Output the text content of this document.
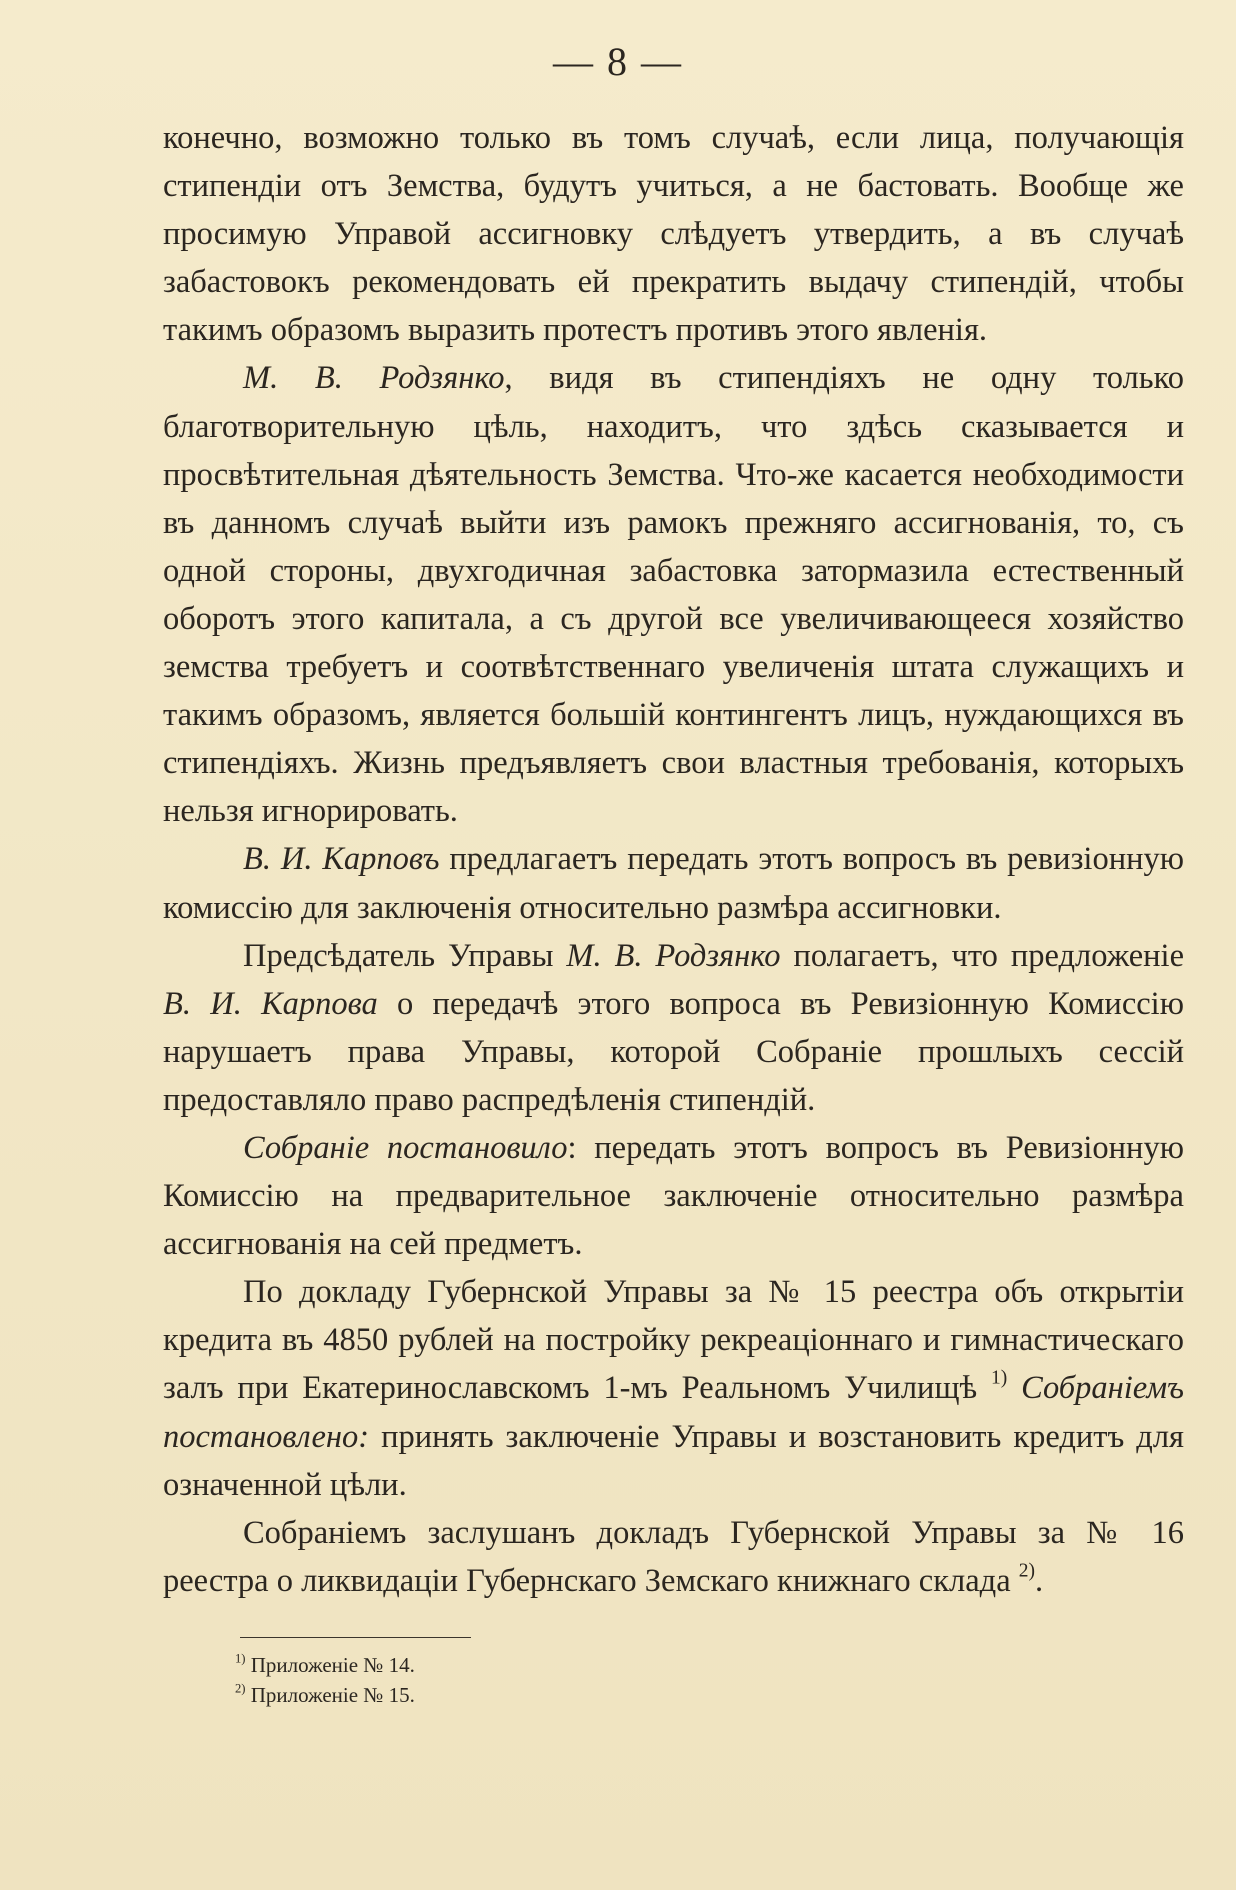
— 8 —

конечно, возможно только въ томъ случаѣ, если лица, получающія стипендіи отъ Земства, будутъ учиться, а не бастовать. Вообще же просимую Управой ассигновку слѣдуетъ утвердить, а въ случаѣ забастовокъ рекомендовать ей прекратить выдачу стипендій, чтобы такимъ образомъ выразить протестъ противъ этого явленія.

М. В. Родзянко, видя въ стипендіяхъ не одну только благотворительную цѣль, находитъ, что здѣсь сказывается и просвѣтительная дѣятельность Земства. Что-же касается необходимости въ данномъ случаѣ выйти изъ рамокъ прежняго ассигнованія, то, съ одной стороны, двухгодичная забастовка затормазила естественный оборотъ этого капитала, а съ другой все увеличивающееся хозяйство земства требуетъ и соотвѣтственнаго увеличенія штата служащихъ и такимъ образомъ, является большій контингентъ лицъ, нуждающихся въ стипендіяхъ. Жизнь предъявляетъ свои властныя требованія, которыхъ нельзя игнорировать.

В. И. Карповъ предлагаетъ передать этотъ вопросъ въ ревизіонную комиссію для заключенія относительно размѣра ассигновки.

Предсѣдатель Управы М. В. Родзянко полагаетъ, что предложеніе В. И. Карпова о передачѣ этого вопроса въ Ревизіонную Комиссію нарушаетъ права Управы, которой Собраніе прошлыхъ сессій предоставляло право распредѣленія стипендій.

Собраніе постановило: передать этотъ вопросъ въ Ревизіонную Комиссію на предварительное заключеніе относительно размѣра ассигнованія на сей предметъ.

По докладу Губернской Управы за № 15 реестра объ открытіи кредита въ 4850 рублей на постройку рекреаціоннаго и гимнастическаго залъ при Екатеринославскомъ 1-мъ Реальномъ Училищѣ $^{1)}$ Собраніемъ постановлено: принять заключеніе Управы и возстановить кредитъ для означенной цѣли.

Собраніемъ заслушанъ докладъ Губернской Управы за № 16 реестра о ликвидаціи Губернскаго Земскаго книжнаго склада $^{2)}$.

$^{1)}$ Приложеніе № 14.
$^{2)}$ Приложеніе № 15.
